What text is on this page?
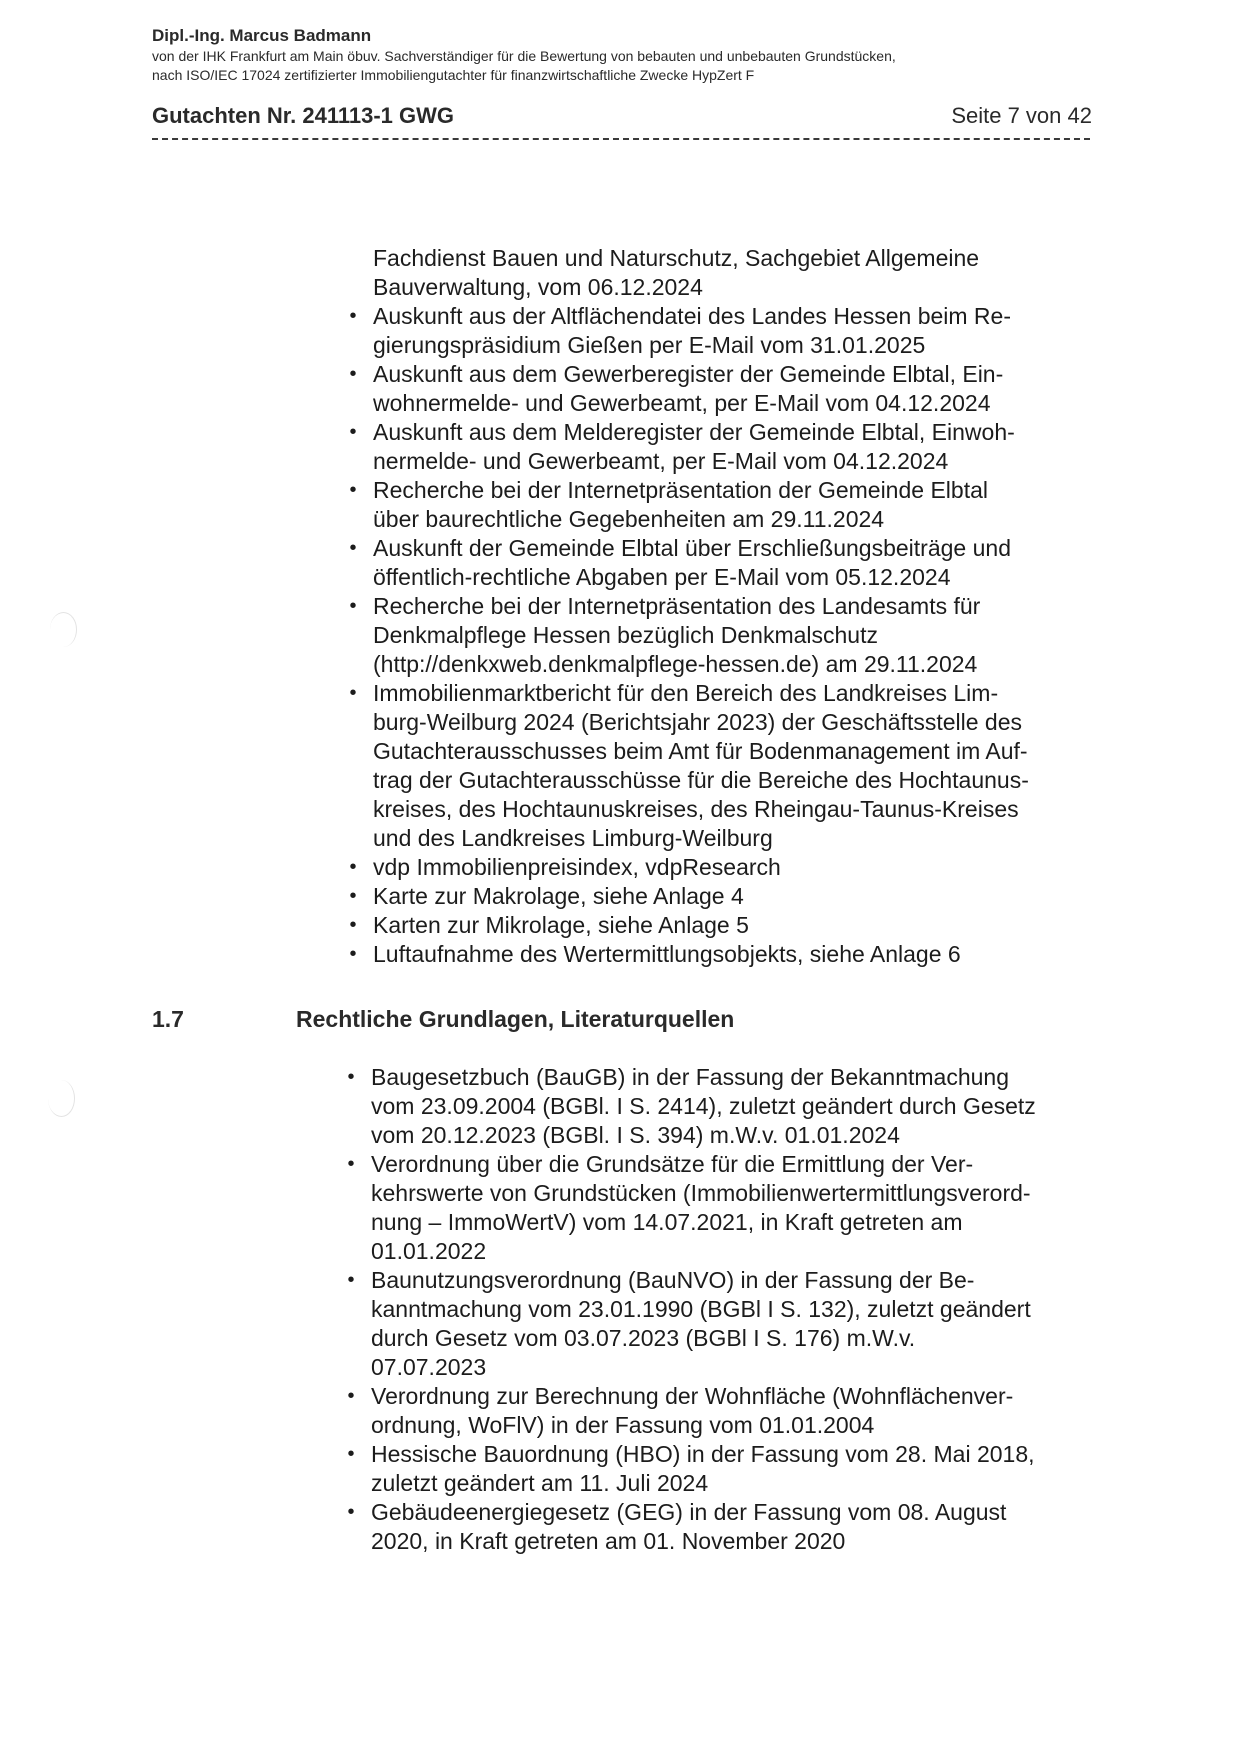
Dipl.-Ing. Marcus Badmann
von der IHK Frankfurt am Main öbuv. Sachverständiger für die Bewertung von bebauten und unbebauten Grundstücken,
nach ISO/IEC 17024 zertifizierter Immobiliengutachter für finanzwirtschaftliche Zwecke HypZert F
Gutachten Nr. 241113-1 GWG	Seite 7 von 42
Fachdienst Bauen und Naturschutz, Sachgebiet Allgemeine
Bauverwaltung, vom 06.12.2024
• Auskunft aus der Altflächendatei des Landes Hessen beim Re-
gierungspräsidium Gießen per E-Mail vom 31.01.2025
• Auskunft aus dem Gewerberegister der Gemeinde Elbtal, Ein-
wohnermelde- und Gewerbeamt, per E-Mail vom 04.12.2024
• Auskunft aus dem Melderegister der Gemeinde Elbtal, Einwoh-
nermelde- und Gewerbeamt, per E-Mail vom 04.12.2024
• Recherche bei der Internetpräsentation der Gemeinde Elbtal
über baurechtliche Gegebenheiten am 29.11.2024
• Auskunft der Gemeinde Elbtal über Erschließungsbeiträge und
öffentlich-rechtliche Abgaben per E-Mail vom 05.12.2024
• Recherche bei der Internetpräsentation des Landesamts für
Denkmalpflege Hessen bezüglich Denkmalschutz
(http://denkxweb.denkmalpflege-hessen.de) am 29.11.2024
• Immobilienmarktbericht für den Bereich des Landkreises Lim-
burg-Weilburg 2024 (Berichtsjahr 2023) der Geschäftsstelle des
Gutachterausschusses beim Amt für Bodenmanagement im Auf-
trag der Gutachterausschüsse für die Bereiche des Hochtaunus-
kreises, des Hochtaunuskreises, des Rheingau-Taunus-Kreises
und des Landkreises Limburg-Weilburg
• vdp Immobilienpreisindex, vdpResearch
• Karte zur Makrolage, siehe Anlage 4
• Karten zur Mikrolage, siehe Anlage 5
• Luftaufnahme des Wertermittlungsobjekts, siehe Anlage 6
1.7	Rechtliche Grundlagen, Literaturquellen
• Baugesetzbuch (BauGB) in der Fassung der Bekanntmachung
vom 23.09.2004 (BGBl. I S. 2414), zuletzt geändert durch Gesetz
vom 20.12.2023 (BGBl. I S. 394) m.W.v. 01.01.2024
• Verordnung über die Grundsätze für die Ermittlung der Ver-
kehrswerte von Grundstücken (Immobilienwertermittlungsverord-
nung – ImmoWertV) vom 14.07.2021, in Kraft getreten am
01.01.2022
• Baunutzungsverordnung (BauNVO) in der Fassung der Be-
kanntmachung vom 23.01.1990 (BGBl I S. 132), zuletzt geändert
durch Gesetz vom 03.07.2023 (BGBl I S. 176) m.W.v.
07.07.2023
• Verordnung zur Berechnung der Wohnfläche (Wohnflächenver-
ordnung, WoFlV) in der Fassung vom 01.01.2004
• Hessische Bauordnung (HBO) in der Fassung vom 28. Mai 2018,
zuletzt geändert am 11. Juli 2024
• Gebäudeenergiegesetz (GEG) in der Fassung vom 08. August
2020, in Kraft getreten am 01. November 2020
